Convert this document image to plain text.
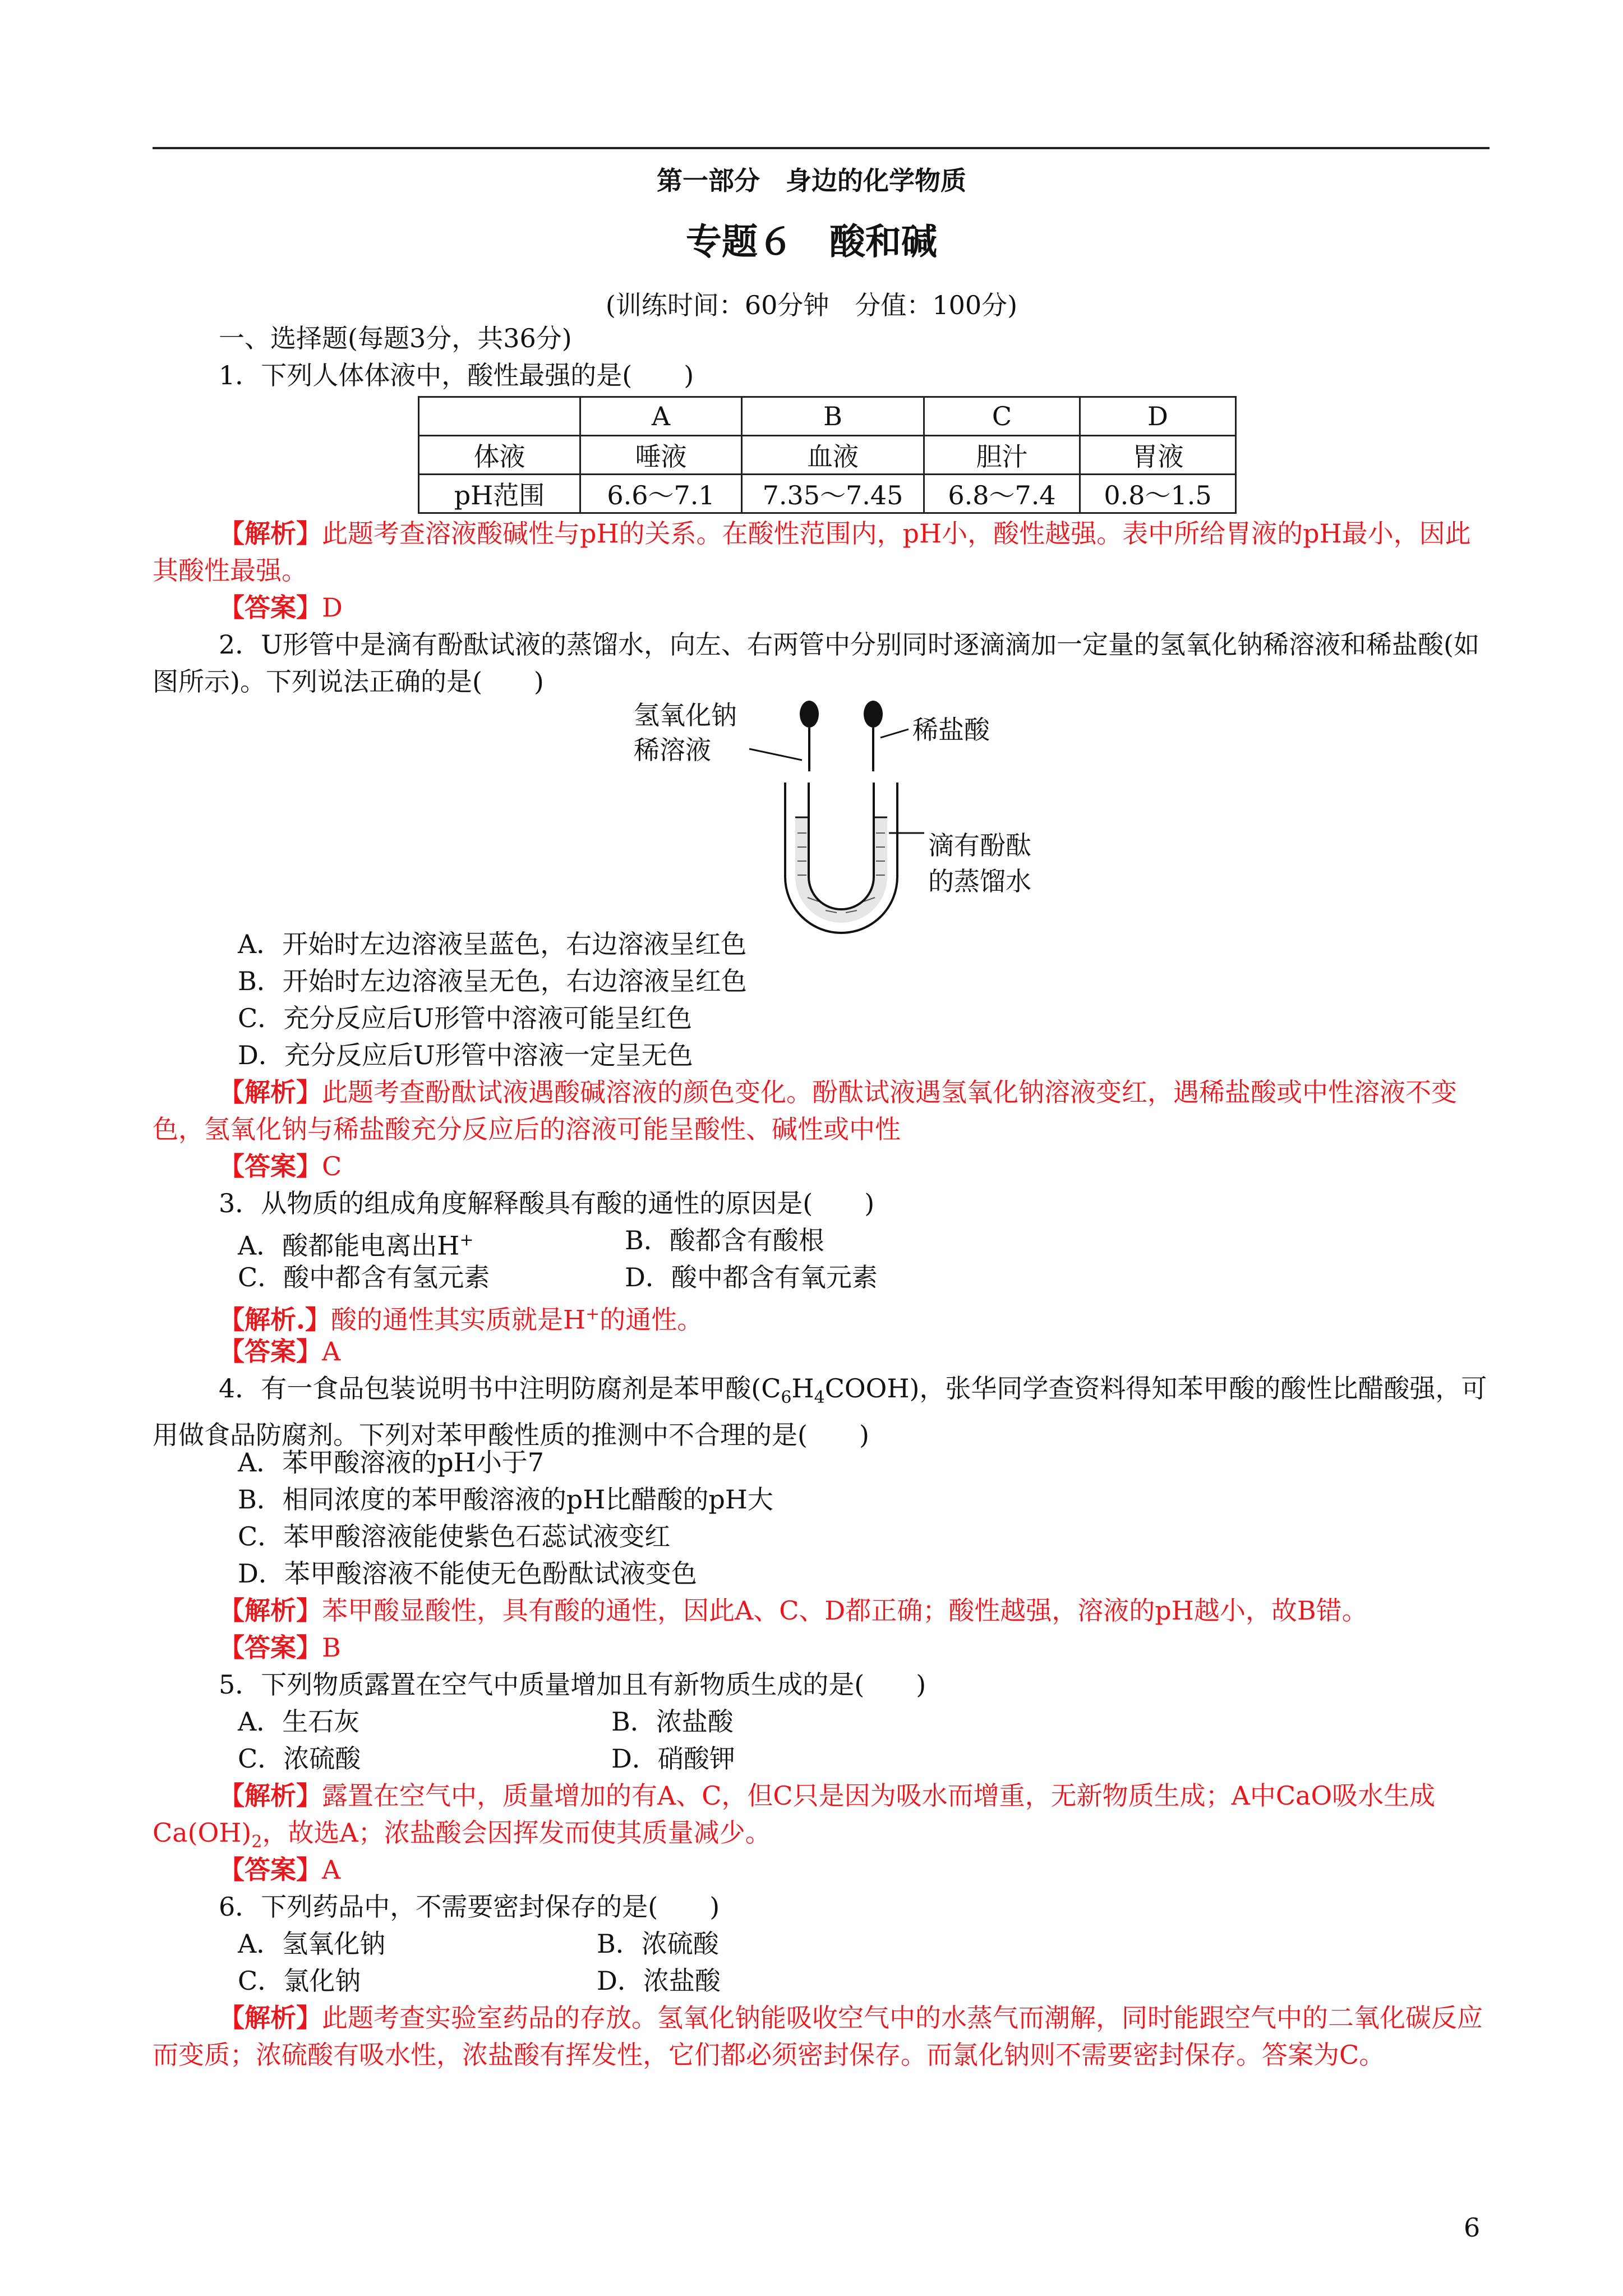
第一部分　身边的化学物质
专题６　酸和碱
(训练时间：60分钟　分值：100分)
一、选择题(每题3分，共36分)
1．下列人体体液中，酸性最强的是(　　)
	A	B	C	D
体液	唾液	血液	胆汁	胃液
pH范围	6.6～7.1	7.35～7.45	6.8～7.4	0.8～1.5
【解析】此题考查溶液酸碱性与pH的关系。在酸性范围内，pH小，酸性越强。表中所给胃液的pH最小，因此其酸性最强。
【答案】D
2．U形管中是滴有酚酞试液的蒸馏水，向左、右两管中分别同时逐滴滴加一定量的氢氧化钠稀溶液和稀盐酸(如图所示)。下列说法正确的是(　　)
氢氧化钠
稀溶液
稀盐酸
滴有酚酞
的蒸馏水
A．开始时左边溶液呈蓝色，右边溶液呈红色
B．开始时左边溶液呈无色，右边溶液呈红色
C．充分反应后U形管中溶液可能呈红色
D．充分反应后U形管中溶液一定呈无色
【解析】此题考查酚酞试液遇酸碱溶液的颜色变化。酚酞试液遇氢氧化钠溶液变红，遇稀盐酸或中性溶液不变色，氢氧化钠与稀盐酸充分反应后的溶液可能呈酸性、碱性或中性
【答案】C
3．从物质的组成角度解释酸具有酸的通性的原因是(　　)
A．酸都能电离出H+	B．酸都含有酸根
C．酸中都含有氢元素	D．酸中都含有氧元素
【解析.】酸的通性其实质就是H+的通性。
【答案】A
4．有一食品包装说明书中注明防腐剂是苯甲酸$(C_6H_4COOH)$，张华同学查资料得知苯甲酸的酸性比醋酸强，可用做食品防腐剂。下列对苯甲酸性质的推测中不合理的是(　　)
A．苯甲酸溶液的pH小于7
B．相同浓度的苯甲酸溶液的pH比醋酸的pH大
C．苯甲酸溶液能使紫色石蕊试液变红
D．苯甲酸溶液不能使无色酚酞试液变色
【解析】苯甲酸显酸性，具有酸的通性，因此A、C、D都正确；酸性越强，溶液的pH越小，故B错。
【答案】B
5．下列物质露置在空气中质量增加且有新物质生成的是(　　)
A．生石灰	B．浓盐酸
C．浓硫酸	D．硝酸钾
【解析】露置在空气中，质量增加的有A、C，但C只是因为吸水而增重，无新物质生成；A中CaO吸水生成$Ca(OH)_2$，故选A；浓盐酸会因挥发而使其质量减少。
【答案】A
6．下列药品中，不需要密封保存的是(　　)
A．氢氧化钠	B．浓硫酸
C．氯化钠	D．浓盐酸
【解析】此题考查实验室药品的存放。氢氧化钠能吸收空气中的水蒸气而潮解，同时能跟空气中的二氧化碳反应而变质；浓硫酸有吸水性，浓盐酸有挥发性，它们都必须密封保存。而氯化钠则不需要密封保存。答案为C。
6
